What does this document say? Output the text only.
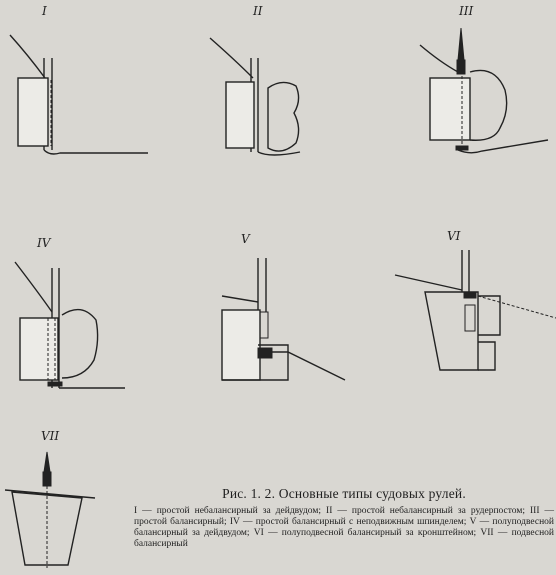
I	II	III
IV	V	VI
VII

Рис. 1. 2. Основные типы судовых рулей.

I — простой небалансирный за дейдвудом; II — простой небалансирный за рудерпостом; III — простой балансирный; IV — простой балансирный с неподвижным шпинделем; V — полуподвесной балансирный за дейдвудом; VI — полуподвесной балансирный за кронштейном; VII — подвесной балансирный
